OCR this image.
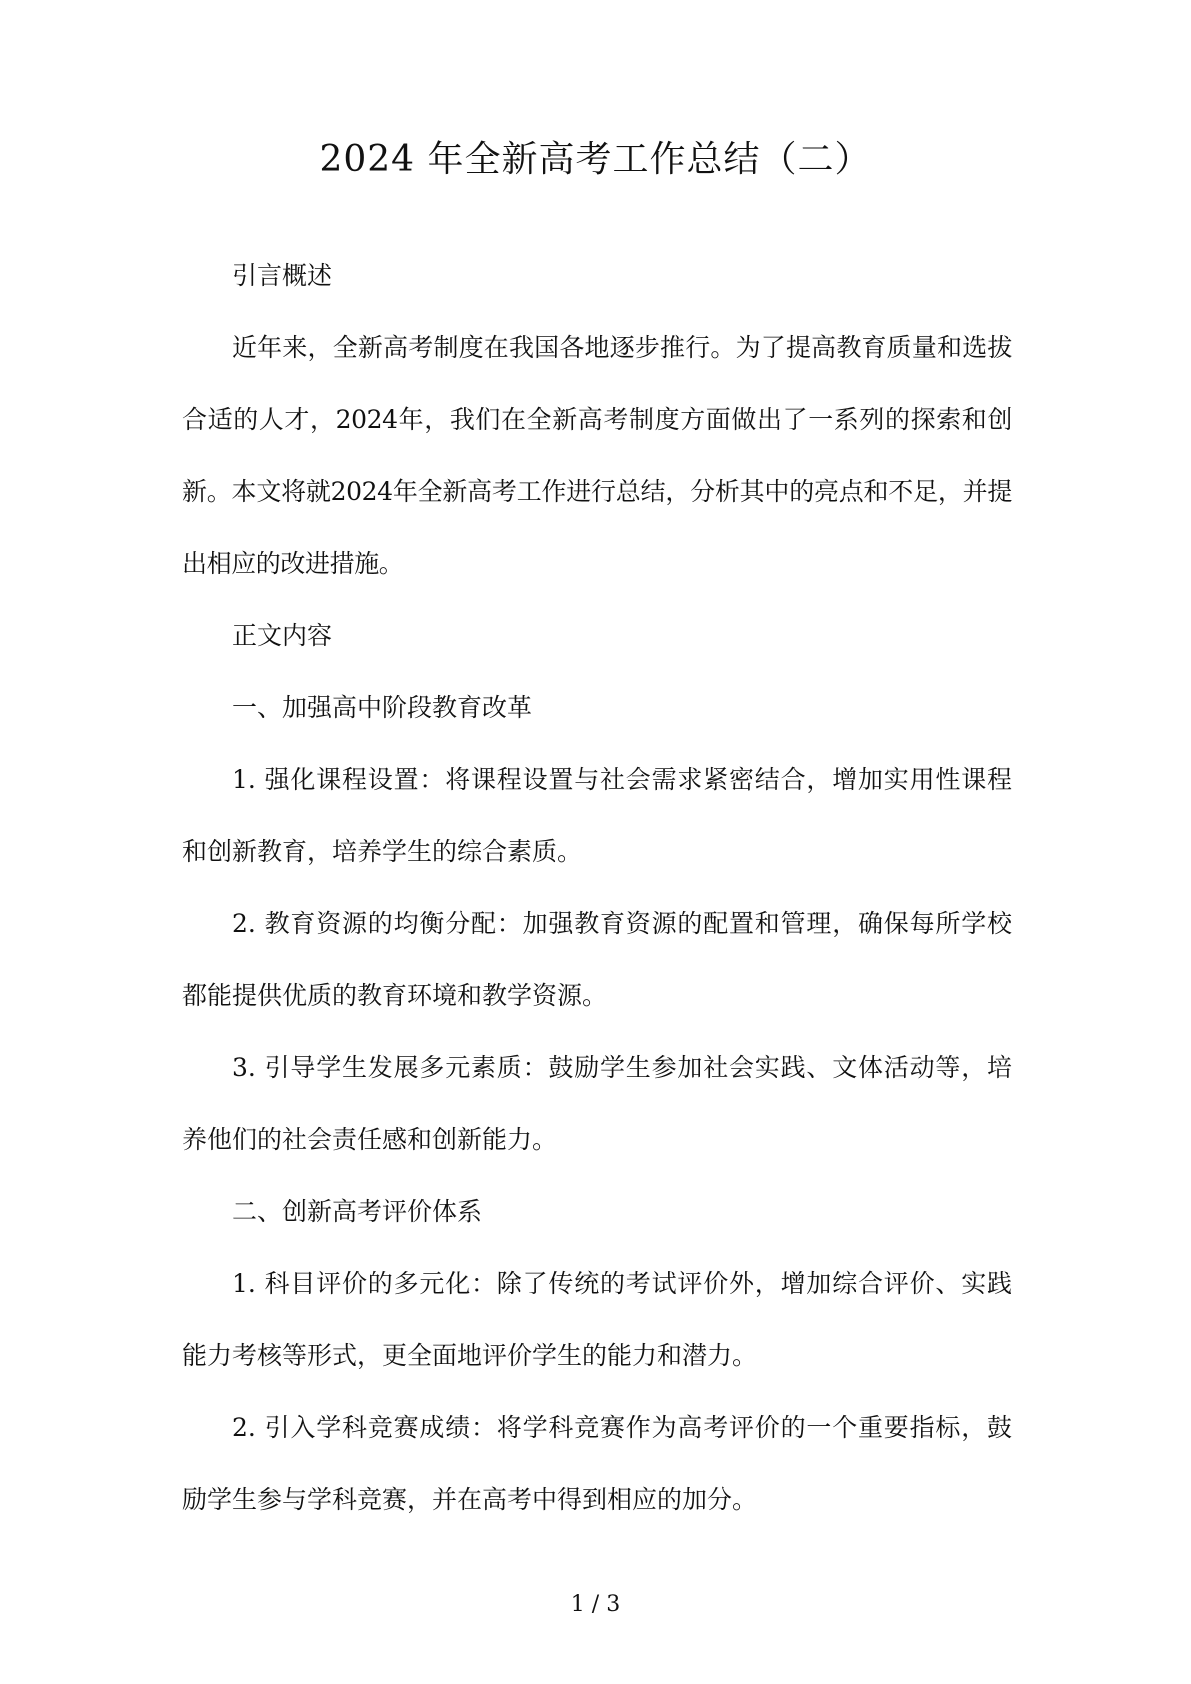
2024 年全新高考工作总结（二）

引言概述

近年来，全新高考制度在我国各地逐步推行。为了提高教育质量和选拔合适的人才，2024年，我们在全新高考制度方面做出了一系列的探索和创新。本文将就2024年全新高考工作进行总结，分析其中的亮点和不足，并提出相应的改进措施。

正文内容

一、加强高中阶段教育改革

1. 强化课程设置：将课程设置与社会需求紧密结合，增加实用性课程和创新教育，培养学生的综合素质。

2. 教育资源的均衡分配：加强教育资源的配置和管理，确保每所学校都能提供优质的教育环境和教学资源。

3. 引导学生发展多元素质：鼓励学生参加社会实践、文体活动等，培养他们的社会责任感和创新能力。

二、创新高考评价体系

1. 科目评价的多元化：除了传统的考试评价外，增加综合评价、实践能力考核等形式，更全面地评价学生的能力和潜力。

2. 引入学科竞赛成绩：将学科竞赛作为高考评价的一个重要指标，鼓励学生参与学科竞赛，并在高考中得到相应的加分。

1 / 3
